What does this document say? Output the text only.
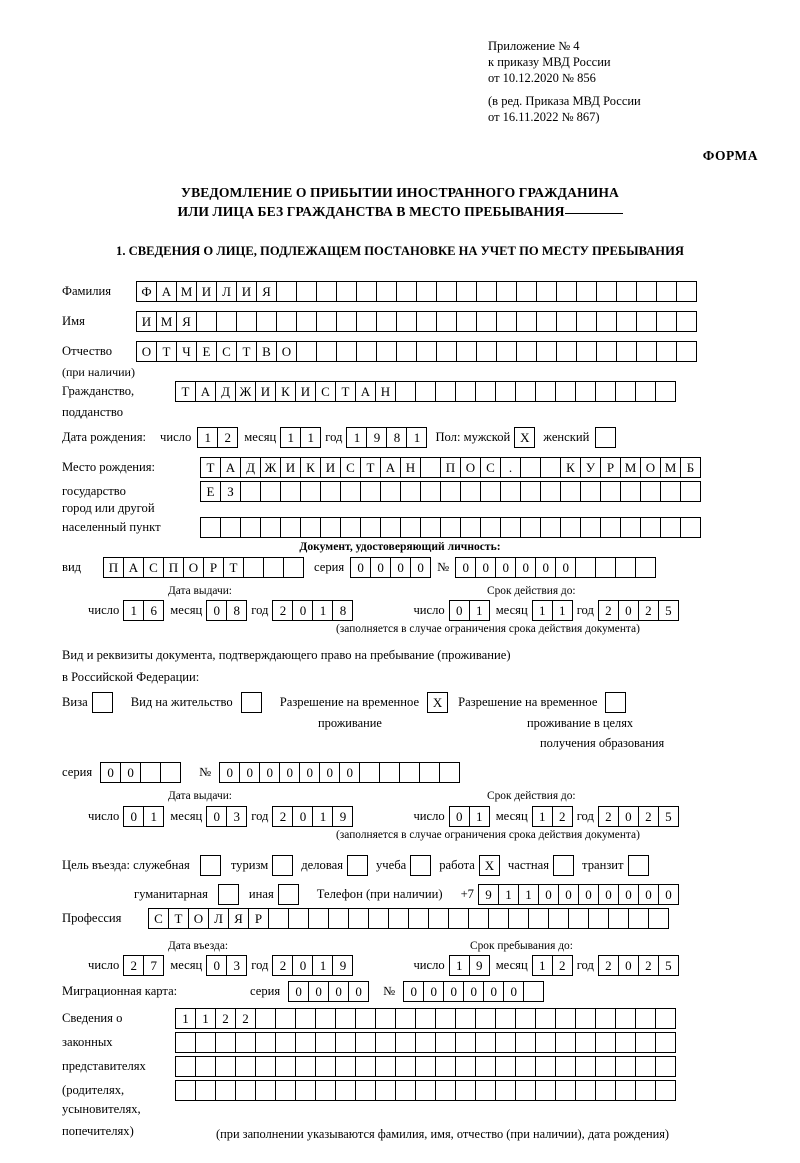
Приложение № 4
к приказу МВД России
от 10.12.2020 № 856
(в ред. Приказа МВД России
от 16.11.2022 № 867)
ФОРМА
УВЕДОМЛЕНИЕ О ПРИБЫТИИ ИНОСТРАННОГО ГРАЖДАНИНА
ИЛИ ЛИЦА БЕЗ ГРАЖДАНСТВА В МЕСТО ПРЕБЫВАНИЯ
1. СВЕДЕНИЯ О ЛИЦЕ, ПОДЛЕЖАЩЕМ ПОСТАНОВКЕ НА УЧЕТ ПО МЕСТУ ПРЕБЫВАНИЯ
Фамилия	Ф А М И Л И Я
Имя	И М Я
Отчество	О Т Ч Е С Т В О
(при наличии)
Гражданство,	Т А Д Ж И К И С Т А Н
подданство
Дата рождения: число	1	2	месяц 1	1 год 1	9	8	1	Пол: мужской X	женский
Место рождения:	Т А Д Ж И К И С Т А Н	П О С	.	К У Р М О М Б
государство	Е З
город или другой
населенный пункт
Документ, удостоверяющий личность:
вид	П А С П О Р Т	серия	0	0	0	0	№	0	0	0	0	0	0
Дата выдачи:	Срок действия до:
число 1	6	месяц 0	8 год 2	0	1	8	число 0	1	месяц 1	1 год 2	0	2	5
(заполняется в случае ограничения срока действия документа)
Вид и реквизиты документа, подтверждающего право на пребывание (проживание)
в Российской Федерации:
Виза	Вид на жительство	Разрешение на временное	X	Разрешение на временное
проживание	проживание в целях
получения образования
серия	0	0	№	0	0	0	0	0	0	0
Дата выдачи:	Срок действия до:
число 0	1	месяц 0	3 год 2	0	1	9	число 0	1	месяц 1	2 год 2	0	2	5
(заполняется в случае ограничения срока действия документа)
Цель въезда: служебная	туризм	деловая	учеба	работа X	частная	транзит
гуманитарная	иная	Телефон (при наличии) +7 9	1	1	0	0	0	0	0	0	0
Профессия	С Т О Л Я Р
Дата въезда:	Срок пребывания до:
число 2	7	месяц 0	3 год 2	0	1	9	число 1	9	месяц 1	2 год 2	0	2	5
Миграционная карта:	серия	0	0	0	0	№	0	0	0	0	0	0
Сведения о	1	1	2	2
законных
представителях
(родителях,
усыновителях,
попечителях)	(при заполнении указываются фамилия, имя, отчество (при наличии), дата рождения)
